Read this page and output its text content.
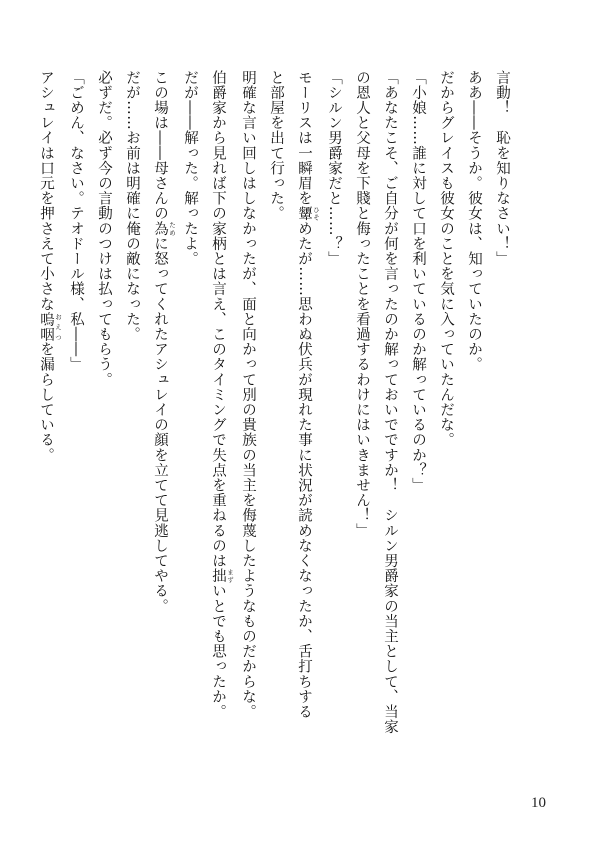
言動！　恥を知りなさい！」
ああ――そうか。彼女は、知っていたのか。
だからグレイスも彼女のことを気に入っていたんだな。
「小娘……誰に対して口を利いているのか解っているのか？」
「あなたこそ、ご自分が何を言ったのか解っておいでですか！　シルン男爵家の当主として、当家
の恩人と父母を下賤と侮ったことを看過するわけにはいきません！」
「シルン男爵家だと……？」
モーリスは一瞬眉を顰 ひそめたが……思わぬ伏兵が現れた事に状況が読めなくなったか、舌打ちする
と部屋を出て行った。
明確な言い回しはしなかったが、面と向かって別の貴族の当主を侮蔑したようなものだからな。
伯爵家から見れば下の家柄とは言え、このタイミングで失点を重ねるのは拙 まずいとでも思ったか。
だが――解った。解ったよ。
この場は――母さんの為 ために怒ってくれたアシュレイの顔を立てて見逃してやる。
だが……お前は明確に俺の敵になった。
必ずだ。必ず今の言動のつけは払ってもらう。
「ごめん、なさい。テオドール様、私――」
アシュレイは口元を押さえて小さな嗚咽 おえつを漏らしている。
10
